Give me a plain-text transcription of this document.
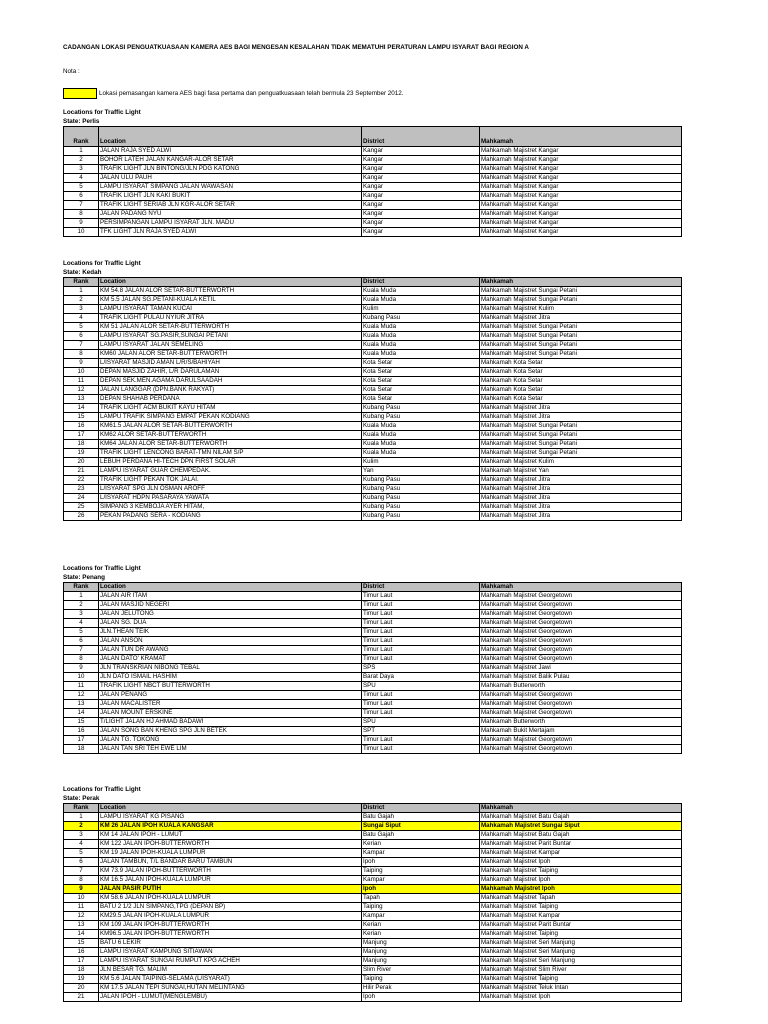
CADANGAN LOKASI PENGUATKUASAAN KAMERA AES BAGI MENGESAN KESALAHAN TIDAK MEMATUHI PERATURAN LAMPU ISYARAT BAGI REGION A
Nota :
Lokasi pemasangan kamera AES bagi fasa pertama dan penguatkuasaan telah bermula 23 September 2012.
Locations for Traffic Light
State: Perlis
Rank	Location	District	Mahkamah
1	JALAN RAJA SYED ALWI	Kangar	Mahkamah Majistret Kangar
2	BOHOR LATEH JALAN KANGAR-ALOR SETAR	Kangar	Mahkamah Majistret Kangar
3	TRAFIK LIGHT JLN BINTONG/JLN PDG KATONG	Kangar	Mahkamah Majistret Kangar
4	JALAN ULU PAUH	Kangar	Mahkamah Majistret Kangar
5	LAMPU ISYARAT SIMPANG JALAN WAWASAN	Kangar	Mahkamah Majistret Kangar
6	TRAFIK LIGHT JLN KAKI BUKIT	Kangar	Mahkamah Majistret Kangar
7	TRAFIK LIGHT SERIAB JLN KGR-ALOR SETAR	Kangar	Mahkamah Majistret Kangar
8	JALAN PADANG NYU	Kangar	Mahkamah Majistret Kangar
9	PERSIMPANGAN LAMPU ISYARAT JLN. MADU	Kangar	Mahkamah Majistret Kangar
10	TFK LIGHT JLN RAJA SYED ALWI	Kangar	Mahkamah Majistret Kangar
Locations for Traffic Light
State: Kedah
Rank	Location	District	Mahkamah
1	KM 54.8 JALAN ALOR SETAR-BUTTERWORTH	Kuala Muda	Mahkamah Majistret Sungai Petani
2	KM 5.5 JALAN SG.PETANI-KUALA KETIL	Kuala Muda	Mahkamah Majistret Sungai Petani
3	LAMPU ISYARAT TAMAN KUCAI	Kulim	Mahkamah Majistret Kulim
4	TRAFIK LIGHT PULAU NYIUR JITRA	Kubang Pasu	Mahkamah Majistret Jitra
5	KM 51 JALAN ALOR SETAR-BUTTERWORTH	Kuala Muda	Mahkamah Majistret Sungai Petani
6	LAMPU ISYARAT SG.PASIR,SUNGAI PETANI	Kuala Muda	Mahkamah Majistret Sungai Petani
7	LAMPU ISYARAT JALAN SEMELING	Kuala Muda	Mahkamah Majistret Sungai Petani
8	KM60 JALAN ALOR SETAR-BUTTERWORTH	Kuala Muda	Mahkamah Majistret Sungai Petani
9	L/ISYARAT MASJID AMAN L/R/S/BAHIYAH	Kota Setar	Mahkamah Kota Setar
10	DEPAN MASJID ZAHIR, L/R DARULAMAN	Kota Setar	Mahkamah Kota Setar
11	DEPAN SEK.MEN.AGAMA DARULSAADAH	Kota Setar	Mahkamah Kota Setar
12	JALAN LANGGAR (DPN.BANK RAKYAT)	Kota Setar	Mahkamah Kota Setar
13	DEPAN SHAHAB PERDANA	Kota Setar	Mahkamah Kota Setar
14	TRAFIK LIGHT ACM BUKIT KAYU HITAM	Kubang Pasu	Mahkamah Majistret Jitra
15	LAMPU TRAFIK SIMPANG EMPAT PEKAN KODIANG	Kubang Pasu	Mahkamah Majistret Jitra
16	KM61.5 JALAN ALOR SETAR-BUTTERWORTH	Kuala Muda	Mahkamah Majistret Sungai Petani
17	KM62 ALOR SETAR-BUTTERWORTH	Kuala Muda	Mahkamah Majistret Sungai Petani
18	KM64 JALAN ALOR SETAR-BUTTERWORTH	Kuala Muda	Mahkamah Majistret Sungai Petani
19	TRAFIK LIGHT LENCONG BARAT-TMN NILAM S/P	Kuala Muda	Mahkamah Majistret Sungai Petani
20	LEBUH PERDANA HI-TECH DPN FIRST SOLAR	Kulim	Mahkamah Majistret Kulim
21	LAMPU ISYARAT GUAR CHEMPEDAK.	Yan	Mahkamah Majistret Yan
22	TRAFIK LIGHT PEKAN TOK JALAI.	Kubang Pasu	Mahkamah Majistret Jitra
23	L/ISYARAT SPG JLN OSMAN AROFF	Kubang Pasu	Mahkamah Majistret Jitra
24	L/ISYARAT HDPN PASARAYA YAWATA	Kubang Pasu	Mahkamah Majistret Jitra
25	SIMPANG 3 KEMBOJA AYER HITAM,	Kubang Pasu	Mahkamah Majistret Jitra
26	PEKAN PADANG SERA - KODIANG	Kubang Pasu	Mahkamah Majistret Jitra
Locations for Traffic Light
State: Penang
Rank	Location	District	Mahkamah
1	JALAN AIR ITAM	Timur Laut	Mahkamah Majistret Georgetown
2	JALAN MASJID NEGERI	Timur Laut	Mahkamah Majistret Georgetown
3	JALAN JELUTONG	Timur Laut	Mahkamah Majistret Georgetown
4	JALAN SG. DUA	Timur Laut	Mahkamah Majistret Georgetown
5	JLN.THEAN TEIK	Timur Laut	Mahkamah Majistret Georgetown
6	JALAN ANSON	Timur Laut	Mahkamah Majistret Georgetown
7	JALAN TUN DR AWANG	Timur Laut	Mahkamah Majistret Georgetown
8	JALAN DATO' KRAMAT	Timur Laut	Mahkamah Majistret Georgetown
9	JLN TRANSKRIAN NIBONG TEBAL	SPS	Mahkamah Majistret Jawi
10	JLN DATO ISMAIL HASHIM	Barat Daya	Mahkamah Majistret Balik Pulau
11	TRAFIK LIGHT NBCT BUTTERWORTH	SPU	Mahkamah Butterworth
12	JALAN PENANG	Timur Laut	Mahkamah Majistret Georgetown
13	JALAN MACALISTER	Timur Laut	Mahkamah Majistret Georgetown
14	JALAN MOUNT ERSKINE	Timur Laut	Mahkamah Majistret Georgetown
15	T/LIGHT JALAN HJ AHMAD BADAWI	SPU	Mahkamah Butterworth
16	JALAN SONG BAN KHENG SPG JLN BETEK	SPT	Mahkamah Bukit Mertajam
17	JALAN TG. TOKONG	Timur Laut	Mahkamah Majistret Georgetown
18	JALAN TAN SRI TEH EWE LIM	Timur Laut	Mahkamah Majistret Georgetown
Locations for Traffic Light
State: Perak
Rank	Location	District	Mahkamah
1	LAMPU ISYARAT KG PISANG	Batu Gajah	Mahkamah Majistret Batu Gajah
2	KM 26 JALAN IPOH KUALA KANGSAR	Sungai Siput	Mahkamah Majistret Sungai Siput
3	KM 14 JALAN IPOH - LUMUT	Batu Gajah	Mahkamah Majistret Batu Gajah
4	KM 122 JALAN IPOH-BUTTERWORTH	Kerian	Mahkamah Majistret Parit Buntar
5	KM 19 JALAN IPOH-KUALA LUMPUR	Kampar	Mahkamah Majistret Kampar
6	JALAN TAMBUN, T/L BANDAR BARU TAMBUN	Ipoh	Mahkamah Majistret Ipoh
7	KM 73.9 JALAN IPOH-BUTTERWORTH	Taiping	Mahkamah Majistret Taiping
8	KM 16.5 JALAN IPOH-KUALA LUMPUR	Kampar	Mahkamah Majistret Ipoh
9	JALAN PASIR PUTIH	Ipoh	Mahkamah Majistret Ipoh
10	KM 58.6 JALAN IPOH-KUALA LUMPUR	Tapah	Mahkamah Majistret Tapah
11	BATU 2 1/2 JLN SIMPANG,TPG (DEPAN BP)	Taiping	Mahkamah Majistret Taiping
12	KM29.5 JALAN IPOH-KUALA LUMPUR	Kampar	Mahkamah Majistret Kampar
13	KM 109 JALAN IPOH-BUTTERWORTH	Kerian	Mahkamah Majistret Parit Buntar
14	KM96.5 JALAN IPOH-BUTTERWORTH	Kerian	Mahkamah Majistret Taiping
15	BATU 6 LEKIR	Manjung	Mahkamah Majistret Seri Manjung
16	LAMPU ISYARAT KAMPUNG SITIAWAN	Manjung	Mahkamah Majistret Seri Manjung
17	LAMPU ISYARAT SUNGAI RUMPUT KPG ACHEH	Manjung	Mahkamah Majistret Seri Manjung
18	JLN BESAR TG. MALIM	Slim River	Mahkamah Majistret Slim River
19	KM 5.6 JALAN TAIPING-SELAMA (L/ISYARAT)	Taiping	Mahkamah Majistret Taiping
20	KM 17.5 JALAN TEPI SUNGAI,HUTAN MELINTANG	Hilir Perak	Mahkamah Majistret Teluk Intan
21	JALAN IPOH - LUMUT(MENGLEMBU)	Ipoh	Mahkamah Majistret Ipoh
